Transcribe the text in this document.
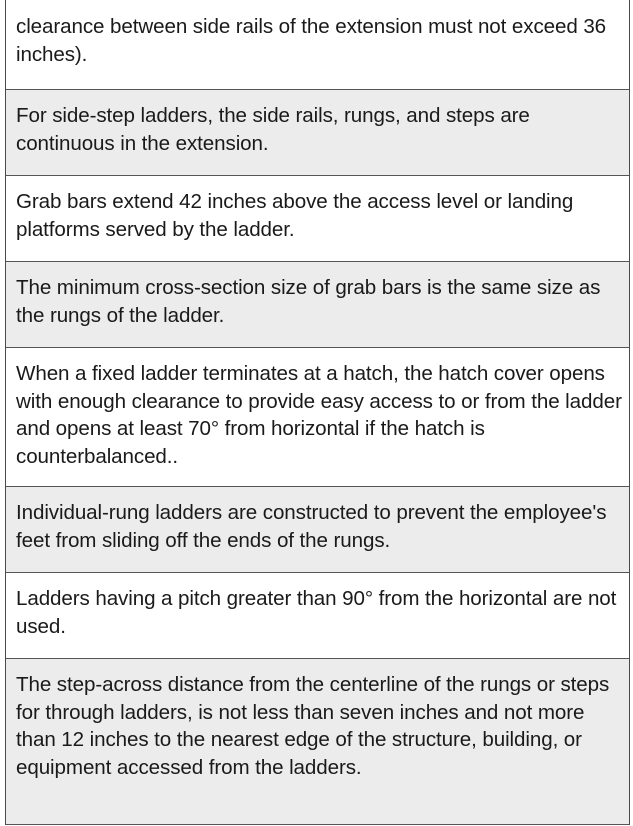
clearance between side rails of the extension must not exceed 36 inches).
For side-step ladders, the side rails, rungs, and steps are continuous in the extension.
Grab bars extend 42 inches above the access level or landing platforms served by the ladder.
The minimum cross-section size of grab bars is the same size as the rungs of the ladder.
When a fixed ladder terminates at a hatch, the hatch cover opens with enough clearance to provide easy access to or from the ladder and opens at least 70° from horizontal if the hatch is counterbalanced..
Individual-rung ladders are constructed to prevent the employee's feet from sliding off the ends of the rungs.
Ladders having a pitch greater than 90° from the horizontal are not used.
The step-across distance from the centerline of the rungs or steps for through ladders, is not less than seven inches and not more than 12 inches to the nearest edge of the structure, building, or equipment accessed from the ladders.
